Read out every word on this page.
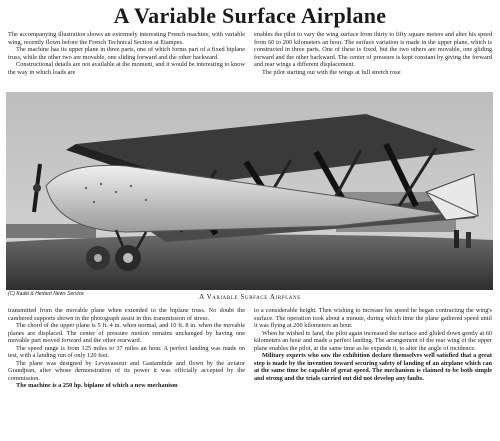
A Variable Surface Airplane

The accompanying illustration shows an extremely interesting French machine, with variable wing, recently flown before the French Technical Section at Etampes.

The machine has its upper plane in three parts, one of which forms part of a fixed biplane truss, while the other two are movable, one sliding forward and the other backward.

Constructional details are not available at the moment, and it would be interesting to know the way in which loads are

enables the pilot to vary the wing surface from thirty to fifty square meters and alter his speed from 60 to 200 kilometers an hour. The surface variation is made in the upper plane, which is constructed in three parts. One of these is fixed, but the two others are movable, one gliding forward and the other backward. The center of pressure is kept constant by giving the forward and rear wings a different displacement.

The pilot starting out with the wings at full stretch rose

(C) Kadel & Herbert News Service	A Variable Surface Airplane

transmitted from the movable plane when extended to the biplane truss. No doubt the cambered supports shown in the photograph assist in this transmission of stress.

The chord of the upper plane is 5 ft. 4 in. when normal, and 10 ft. 8 in. when the movable planes are displaced. The center of pressure motion remains unchanged by having one movable part moved forward and the other rearward.

The speed range is from 125 miles to 37 miles an hour. A perfect landing was made on test, with a landing run of only 120 feet.

The plane was designed by Levavasseur and Gastambide and flown by the aviator Grandjean, after whose demonstration of its power it was officially accepted by the commission.

The machine is a 250 hp. biplane of which a new mechanism

to a considerable height. Then wishing to increase his speed he began contracting the wing's surface. The operation took about a minute, during which time the plane gathered speed until it was flying at 200 kilometers an hour.

When he wished to land, the pilot again increased the surface and glided down gently at 60 kilometers an hour and made a perfect landing. The arrangement of the rear wing of the upper plane enables the pilot, at the same time as he expands it, to alter the angle of incidence.

Military experts who saw the exhibition declare themselves well satisfied that a great step is made by the invention toward securing safety of landing of an airplane which can at the same time be capable of great speed. The mechanism is claimed to be both simple and strong and the trials carried out did not develop any faults.
